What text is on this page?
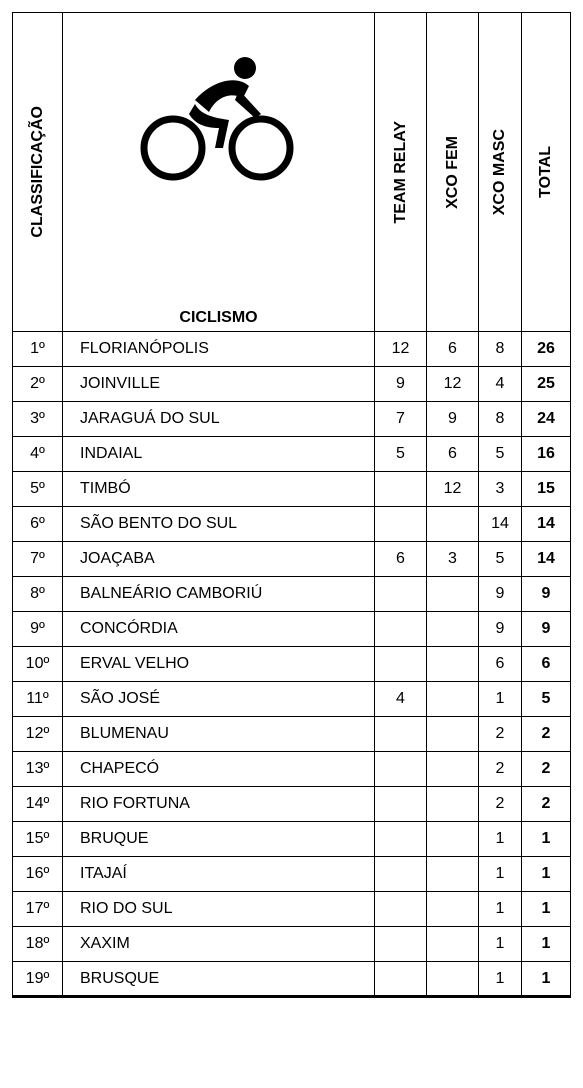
CLASSIFICAÇÃO	CICLISMO	TEAM RELAY	XCO FEM	XCO MASC	TOTAL

1º	FLORIANÓPOLIS	12	6	8	26
2º	JOINVILLE	9	12	4	25
3º	JARAGUÁ DO SUL	7	9	8	24
4º	INDAIAL	5	6	5	16
5º	TIMBÓ		12	3	15
6º	SÃO BENTO DO SUL			14	14
7º	JOAÇABA	6	3	5	14
8º	BALNEÁRIO CAMBORIÚ			9	9
9º	CONCÓRDIA			9	9
10º	ERVAL VELHO			6	6
11º	SÃO JOSÉ	4		1	5
12º	BLUMENAU			2	2
13º	CHAPECÓ			2	2
14º	RIO FORTUNA			2	2
15º	BRUQUE			1	1
16º	ITAJAÍ			1	1
17º	RIO DO SUL			1	1
18º	XAXIM			1	1
19º	BRUSQUE			1	1
